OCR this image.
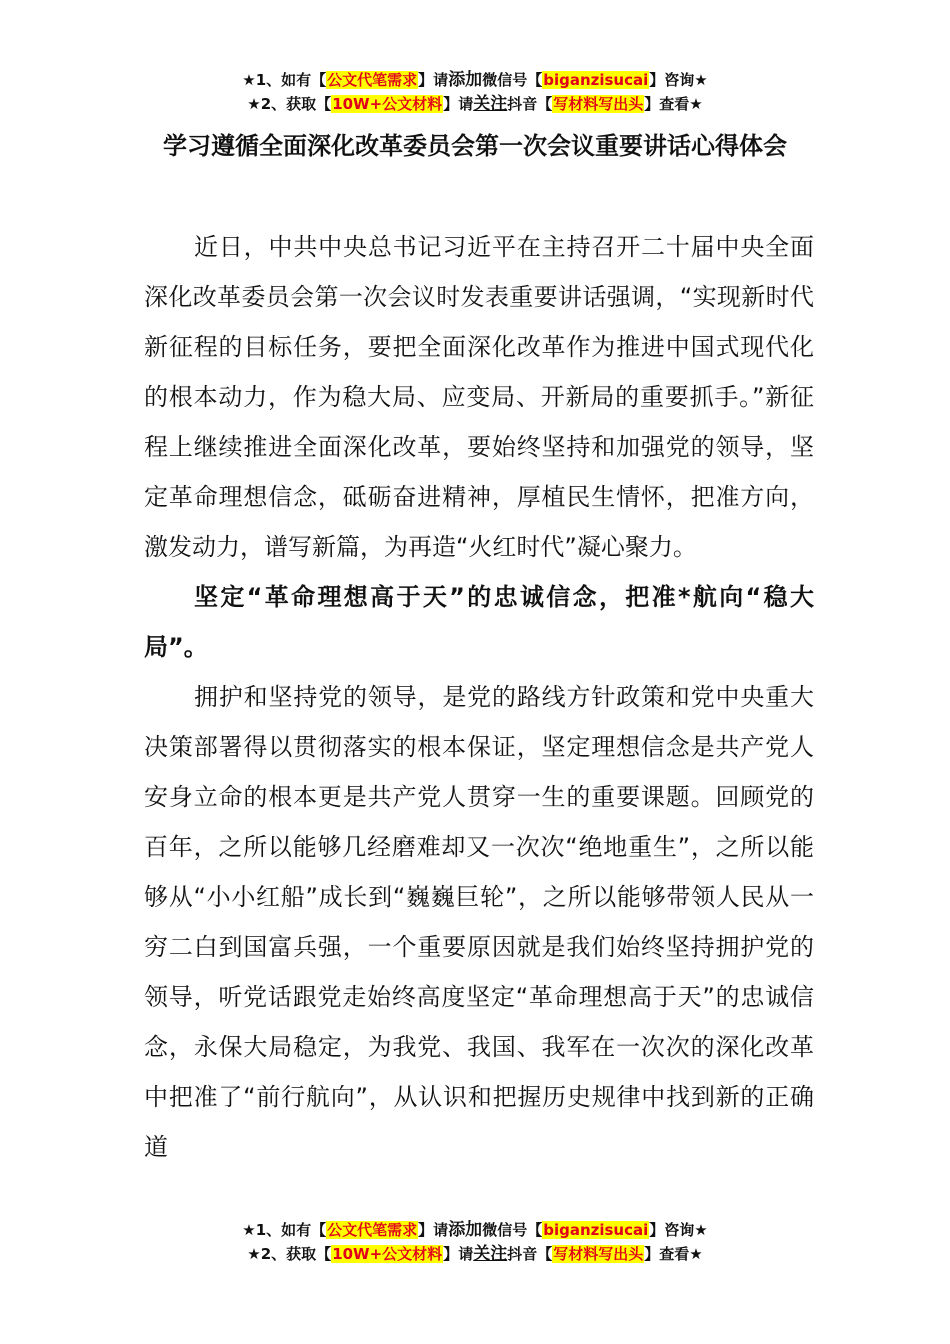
★1、如有【公文代笔需求】请添加微信号【biganzisucai】咨询★
★2、获取【10W+公文材料】请关注抖音【写材料写出头】查看★
学习遵循全面深化改革委员会第一次会议重要讲话心得体会

近日，中共中央总书记习近平在主持召开二十届中央全面深化改革委员会第一次会议时发表重要讲话强调，“实现新时代新征程的目标任务，要把全面深化改革作为推进中国式现代化的根本动力，作为稳大局、应变局、开新局的重要抓手。”新征程上继续推进全面深化改革，要始终坚持和加强党的领导，坚定革命理想信念，砥砺奋进精神，厚植民生情怀，把准方向，激发动力，谱写新篇，为再造“火红时代”凝心聚力。

坚定“革命理想高于天”的忠诚信念，把准*航向“稳大局”。

拥护和坚持党的领导，是党的路线方针政策和党中央重大决策部署得以贯彻落实的根本保证，坚定理想信念是共产党人安身立命的根本更是共产党人贯穿一生的重要课题。回顾党的百年，之所以能够几经磨难却又一次次“绝地重生”，之所以能够从“小小红船”成长到“巍巍巨轮”，之所以能够带领人民从一穷二白到国富兵强，一个重要原因就是我们始终坚持拥护党的领导，听党话跟党走始终高度坚定“革命理想高于天”的忠诚信念，永保大局稳定，为我党、我国、我军在一次次的深化改革中把准了“前行航向”，从认识和把握历史规律中找到新的正确道

★1、如有【公文代笔需求】请添加微信号【biganzisucai】咨询★
★2、获取【10W+公文材料】请关注抖音【写材料写出头】查看★
